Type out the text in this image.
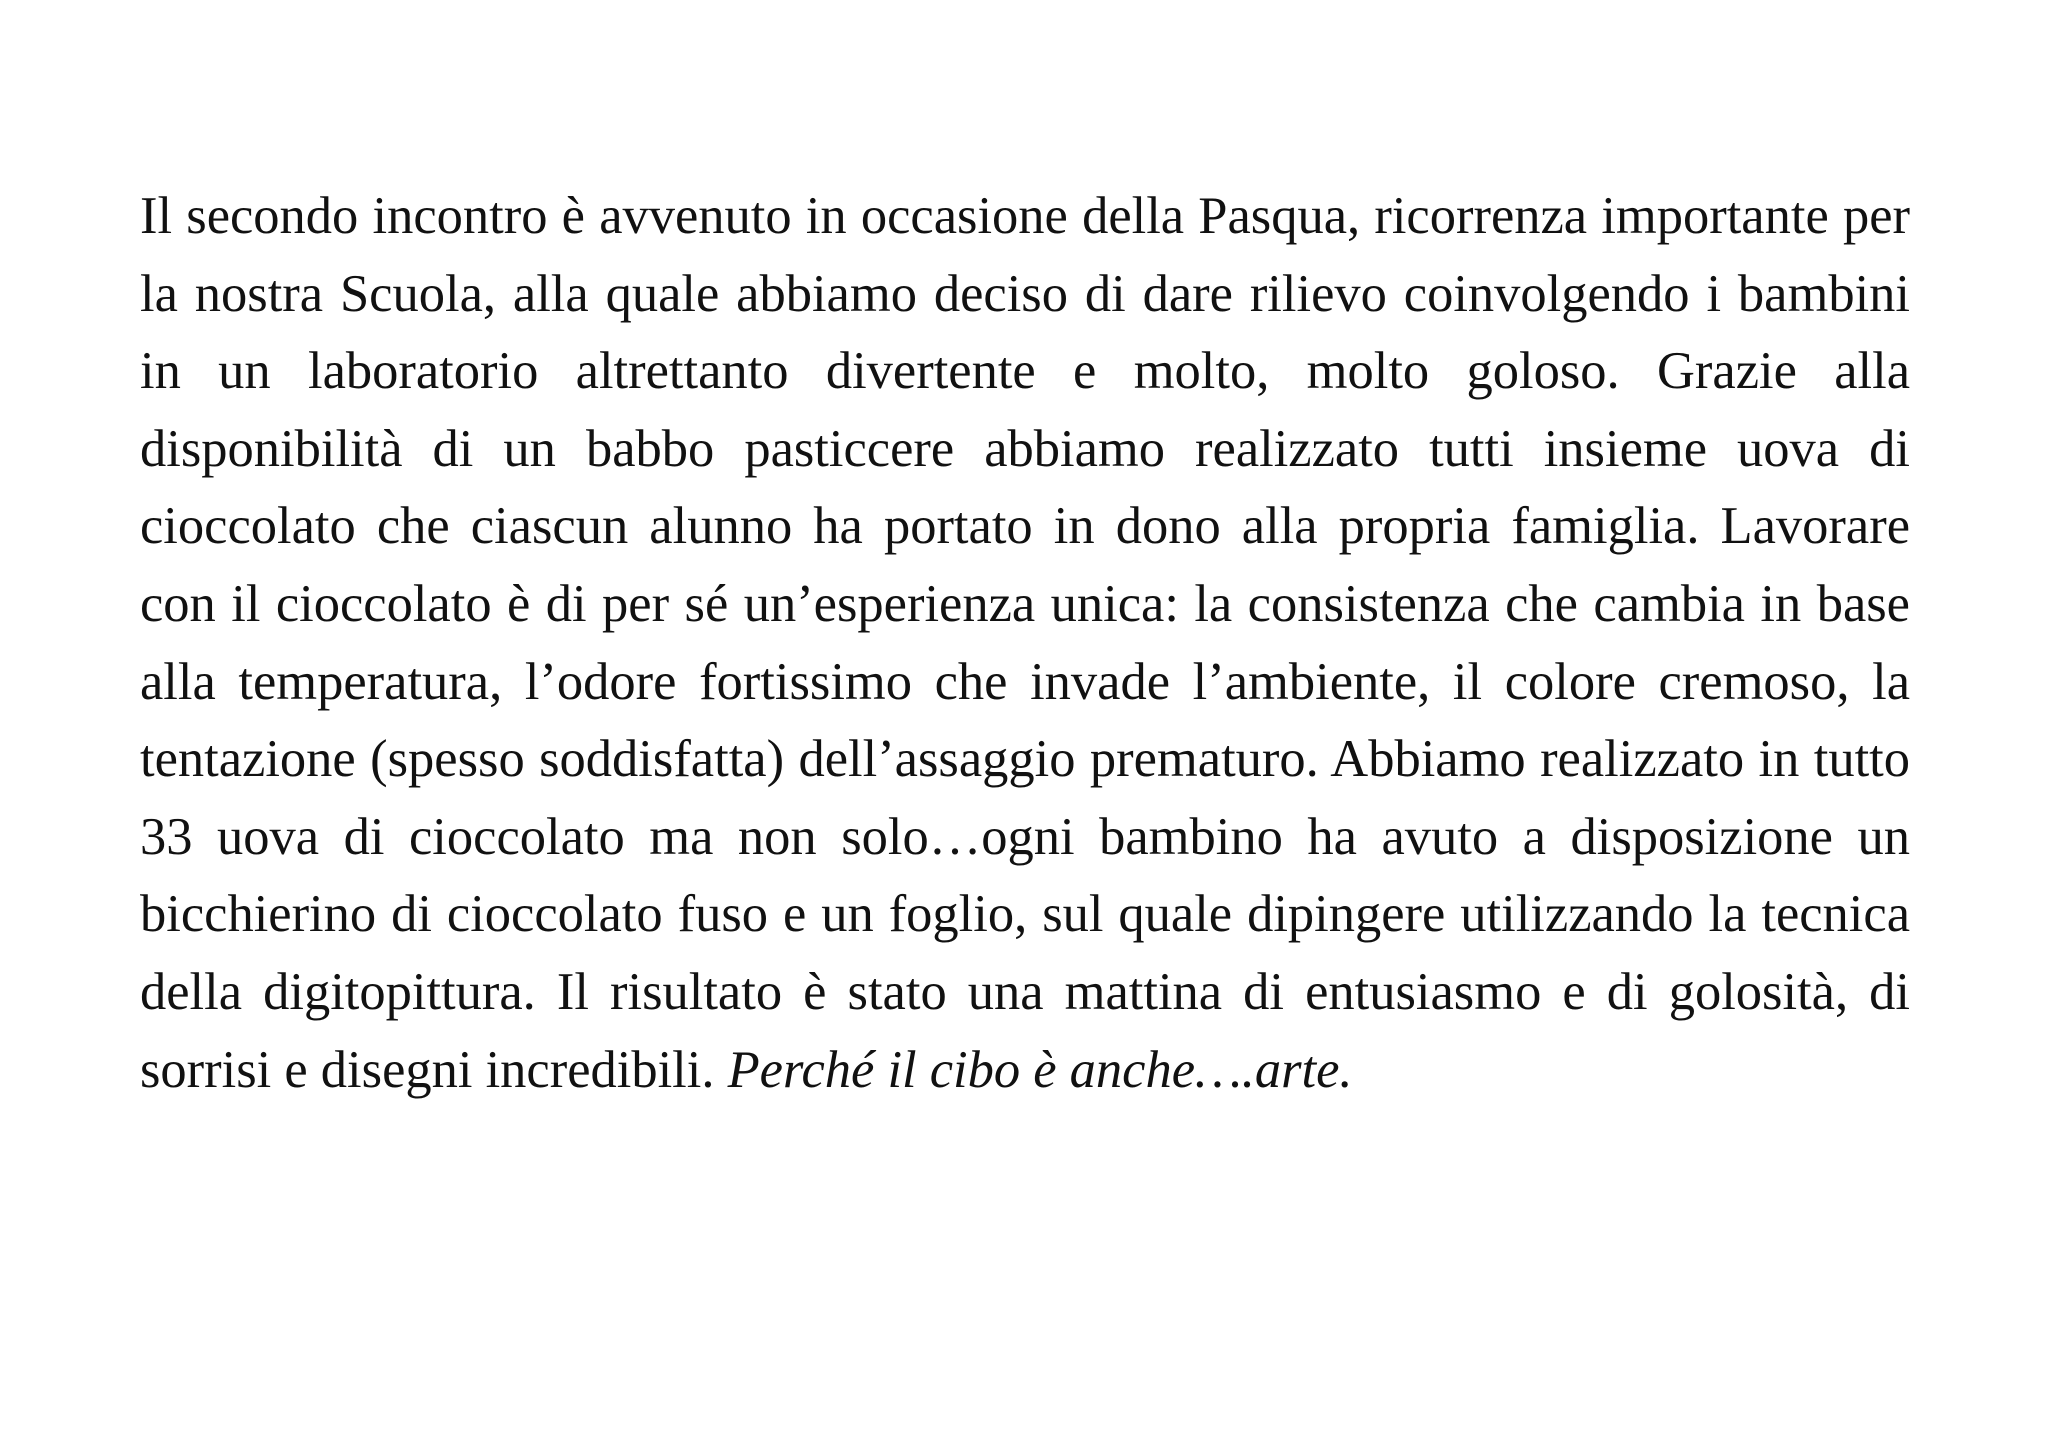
Il secondo incontro è avvenuto in occasione della Pasqua, ricorrenza importante per la nostra Scuola, alla quale abbiamo deciso di dare rilievo coinvolgendo i bambini in un laboratorio altrettanto divertente e molto, molto goloso. Grazie alla disponibilità di un babbo pasticcere abbiamo realizzato tutti insieme uova di cioccolato che ciascun alunno ha portato in dono alla propria famiglia. Lavorare con il cioccolato è di per sé un’esperienza unica: la consistenza che cambia in base alla temperatura, l’odore fortissimo che invade l’ambiente, il colore cremoso, la tentazione (spesso soddisfatta) dell’assaggio prematuro. Abbiamo realizzato in tutto 33 uova di cioccolato ma non solo…ogni bambino ha avuto a disposizione un bicchierino di cioccolato fuso e un foglio, sul quale dipingere utilizzando la tecnica della digitopittura. Il risultato è stato una mattina di entusiasmo e di golosità, di sorrisi e disegni incredibili. Perché il cibo è anche….arte.
